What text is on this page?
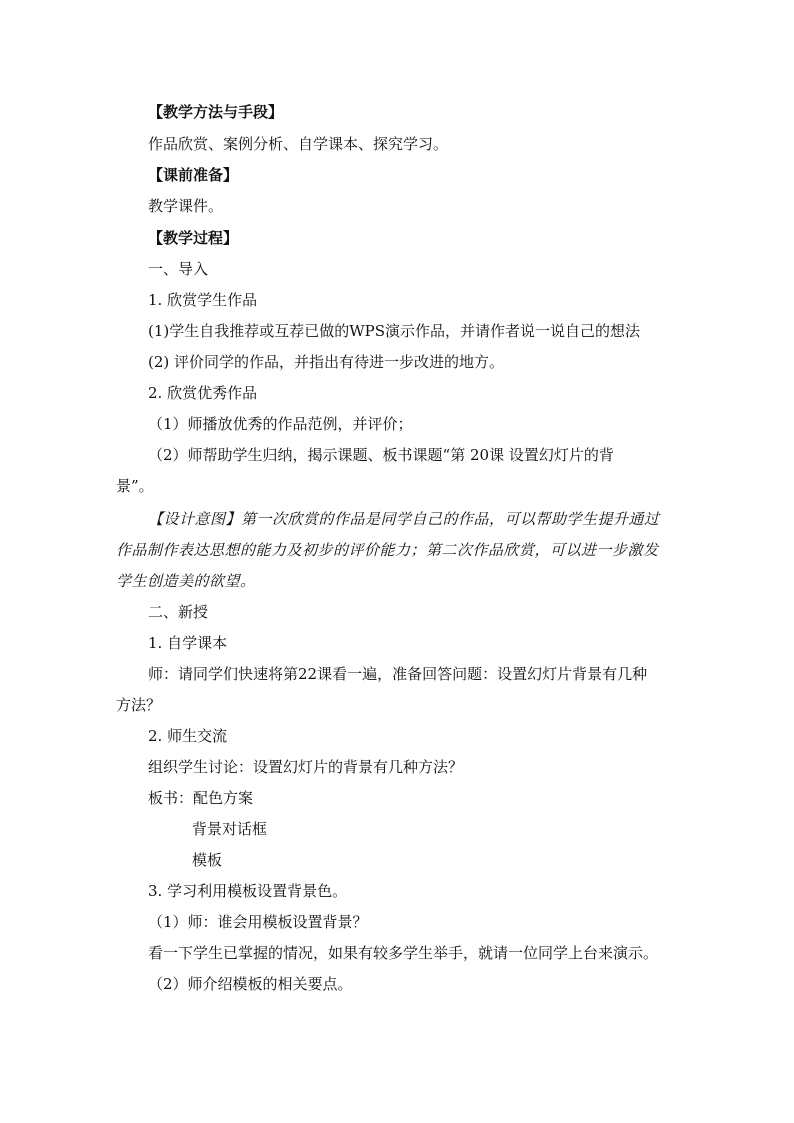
【教学方法与手段】

作品欣赏、案例分析、自学课本、探究学习。

【课前准备】

教学课件。

【教学过程】

一、导入

1. 欣赏学生作品

(1)学生自我推荐或互荐已做的WPS演示作品，并请作者说一说自己的想法

(2) 评价同学的作品，并指出有待进一步改进的地方。

2. 欣赏优秀作品

（1）师播放优秀的作品范例，并评价；

（2）师帮助学生归纳，揭示课题、板书课题“第 20课 设置幻灯片的背

景”。

【设计意图】第一次欣赏的作品是同学自己的作品，可以帮助学生提升通过

作品制作表达思想的能力及初步的评价能力；第二次作品欣赏，可以进一步激发

学生创造美的欲望。

二、新授

1. 自学课本

师：请同学们快速将第22课看一遍，准备回答问题：设置幻灯片背景有几种

方法？

2. 师生交流

组织学生讨论：设置幻灯片的背景有几种方法？

板书：配色方案

背景对话框

模板

3. 学习利用模板设置背景色。

（1）师：谁会用模板设置背景？

看一下学生已掌握的情况，如果有较多学生举手，就请一位同学上台来演示。

（2）师介绍模板的相关要点。
